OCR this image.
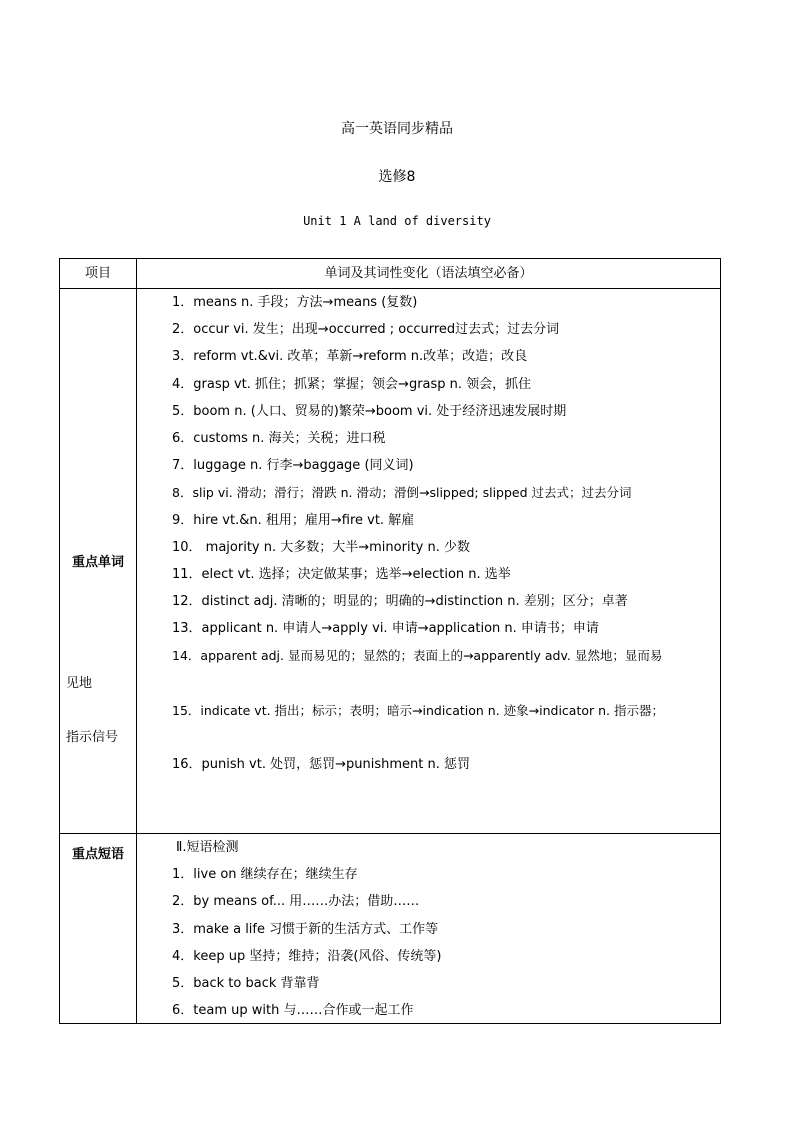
高一英语同步精品
选修8
Unit 1 A land of diversity
项目	单词及其词性变化（语法填空必备）
重点单词
重点短语
1．means n. 手段；方法→means (复数)
2．occur vi. 发生；出现→occurred ; occurred过去式；过去分词
3．reform vt.&vi. 改革；革新→reform n.改革；改造；改良
4．grasp vt. 抓住；抓紧；掌握；领会→grasp n. 领会，抓住
5．boom n. (人口、贸易的)繁荣→boom vi. 处于经济迅速发展时期
6．customs n. 海关；关税；进口税
7．luggage n. 行李→baggage (同义词)
8．slip vi. 滑动；滑行；滑跌 n. 滑动；滑倒→slipped; slipped 过去式；过去分词
9．hire vt.&n. 租用；雇用→fire vt. 解雇
10． majority n. 大多数；大半→minority n. 少数
11．elect vt. 选择；决定做某事；选举→election n. 选举
12．distinct adj. 清晰的；明显的；明确的→distinction n. 差别；区分；卓著
13．applicant n. 申请人→apply vi. 申请→application n. 申请书；申请
14．apparent adj. 显而易见的；显然的；表面上的→apparently adv. 显然地；显而易
见地
15．indicate vt. 指出；标示；表明；暗示→indication n. 迹象→indicator n. 指示器；
指示信号
16．punish vt. 处罚，惩罚→punishment n. 惩罚
Ⅱ.短语检测
1．live on 继续存在；继续生存
2．by means of... 用……办法；借助……
3．make a life 习惯于新的生活方式、工作等
4．keep up 坚持；维持；沿袭(风俗、传统等)
5．back to back 背靠背
6．team up with 与……合作或一起工作
